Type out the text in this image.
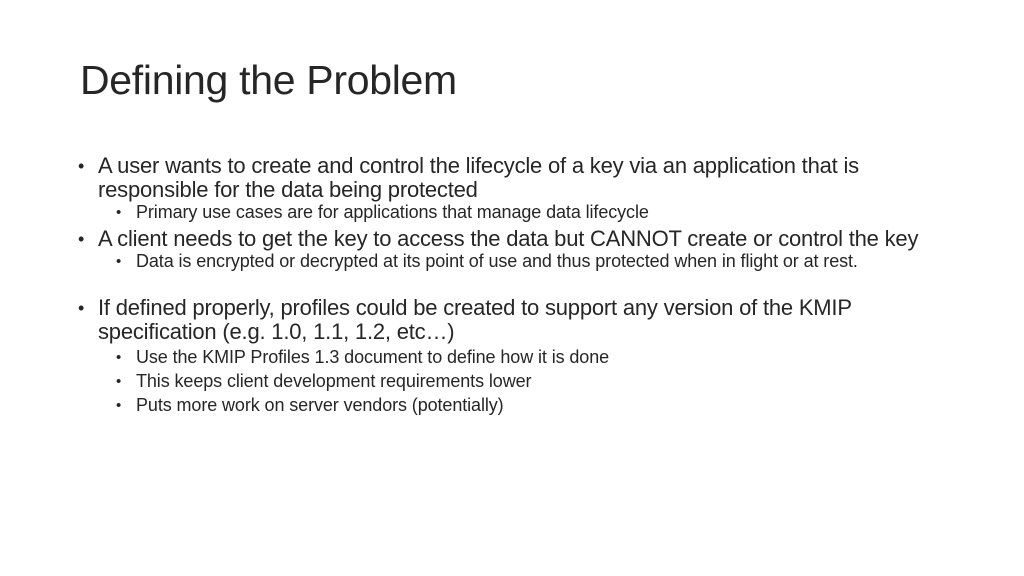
Defining the Problem
• A user wants to create and control the lifecycle of a key via an application that is responsible for the data being protected
• Primary use cases are for applications that manage data lifecycle
• A client needs to get the key to access the data but CANNOT create or control the key
• Data is encrypted or decrypted at its point of use and thus protected when in flight or at rest.
• If defined properly, profiles could be created to support any version of the KMIP specification (e.g. 1.0, 1.1, 1.2, etc…)
• Use the KMIP Profiles 1.3 document to define how it is done
• This keeps client development requirements lower
• Puts more work on server vendors (potentially)
